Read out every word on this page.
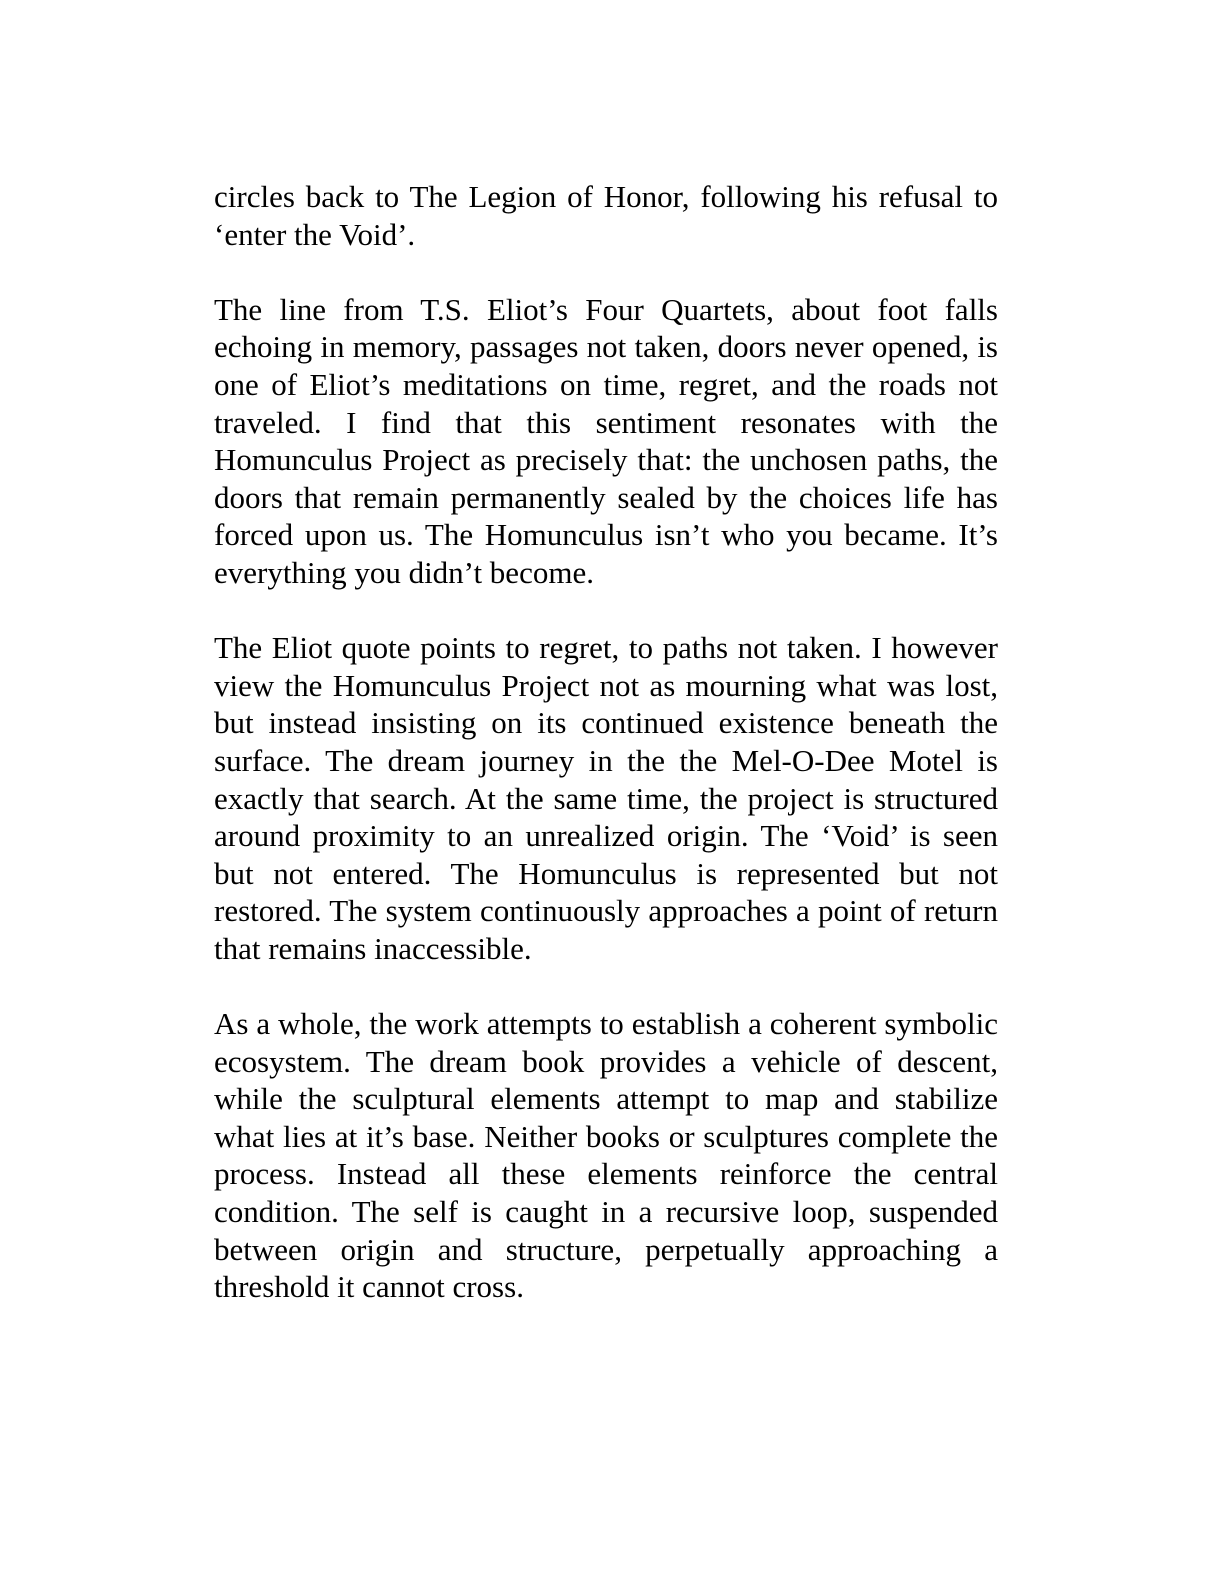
circles back to The Legion of Honor, following his refusal to ‘enter the Void’.

The line from T.S. Eliot’s Four Quartets, about foot falls echoing in memory, passages not taken, doors never opened, is one of Eliot’s meditations on time, regret, and the roads not traveled. I find that this sentiment resonates with the Homunculus Project as precisely that: the unchosen paths, the doors that remain permanently sealed by the choices life has forced upon us. The Homunculus isn’t who you became. It’s everything you didn’t become.

The Eliot quote points to regret, to paths not taken. I however view the Homunculus Project not as mourning what was lost, but instead insisting on its continued existence beneath the surface. The dream journey in the the Mel-O-Dee Motel is exactly that search. At the same time, the project is structured around proximity to an unrealized origin. The ‘Void’ is seen but not entered. The Homunculus is represented but not restored. The system continuously approaches a point of return that remains inaccessible.

As a whole, the work attempts to establish a coherent symbolic ecosystem. The dream book provides a vehicle of descent, while the sculptural elements attempt to map and stabilize what lies at it’s base. Neither books or sculptures complete the process. Instead all these elements reinforce the central condition. The self is caught in a recursive loop, suspended between origin and structure, perpetually approaching a threshold it cannot cross.
